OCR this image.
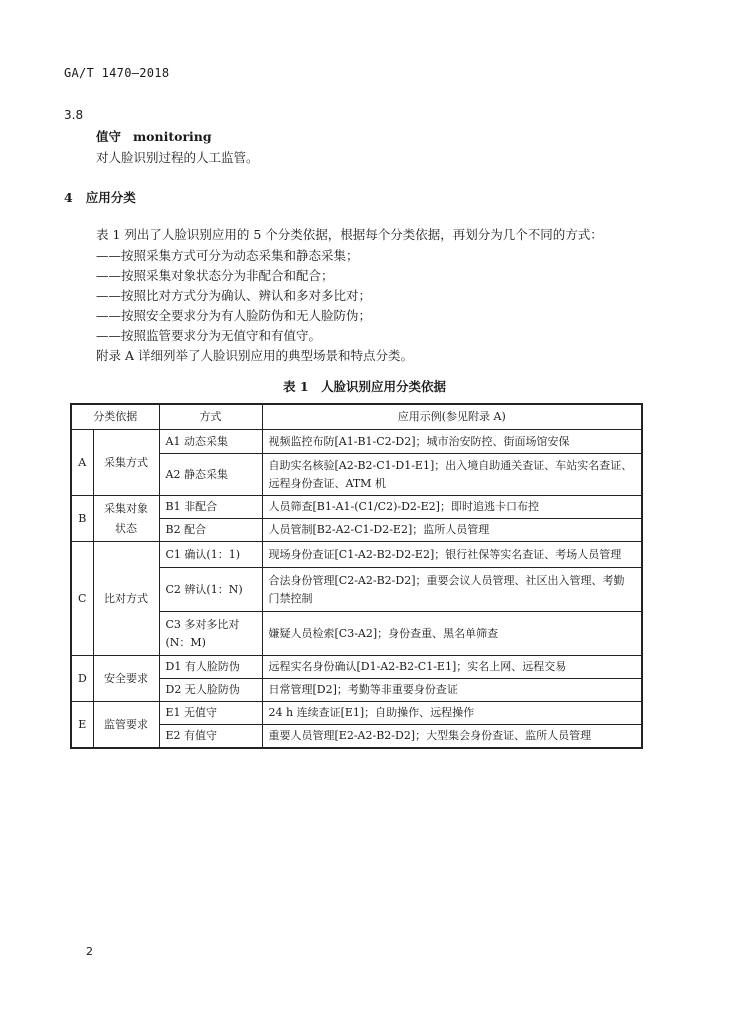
GA/T 1470—2018
3.8
值守 monitoring
对人脸识别过程的人工监管。
4 应用分类
表 1 列出了人脸识别应用的 5 个分类依据，根据每个分类依据，再划分为几个不同的方式：
——按照采集方式可分为动态采集和静态采集；
——按照采集对象状态分为非配合和配合；
——按照比对方式分为确认、辨认和多对多比对；
——按照安全要求分为有人脸防伪和无人脸防伪；
——按照监管要求分为无值守和有值守。
附录 A 详细列举了人脸识别应用的典型场景和特点分类。
表 1　人脸识别应用分类依据
分类依据		方式	应用示例(参见附录 A)
A	采集方式	A1 动态采集	视频监控布防[A1-B1-C2-D2]；城市治安防控、街面场馆安保
		A2 静态采集	自助实名核验[A2-B2-C1-D1-E1]；出入境自助通关查证、车站实名查证、远程身份查证、ATM 机
B	采集对象状态	B1 非配合	人员筛查[B1-A1-(C1/C2)-D2-E2]；即时追逃卡口布控
		B2 配合	人员管制[B2-A2-C1-D2-E2]；监所人员管理
C	比对方式	C1 确认(1：1)	现场身份查证[C1-A2-B2-D2-E2]；银行社保等实名查证、考场人员管理
		C2 辨认(1：N)	合法身份管理[C2-A2-B2-D2]；重要会议人员管理、社区出入管理、考勤门禁控制
		C3 多对多比对(N：M)	嫌疑人员检索[C3-A2]；身份查重、黑名单筛查
D	安全要求	D1 有人脸防伪	远程实名身份确认[D1-A2-B2-C1-E1]；实名上网、远程交易
		D2 无人脸防伪	日常管理[D2]；考勤等非重要身份查证
E	监管要求	E1 无值守	24 h 连续查证[E1]；自助操作、远程操作
		E2 有值守	重要人员管理[E2-A2-B2-D2]；大型集会身份查证、监所人员管理
2
